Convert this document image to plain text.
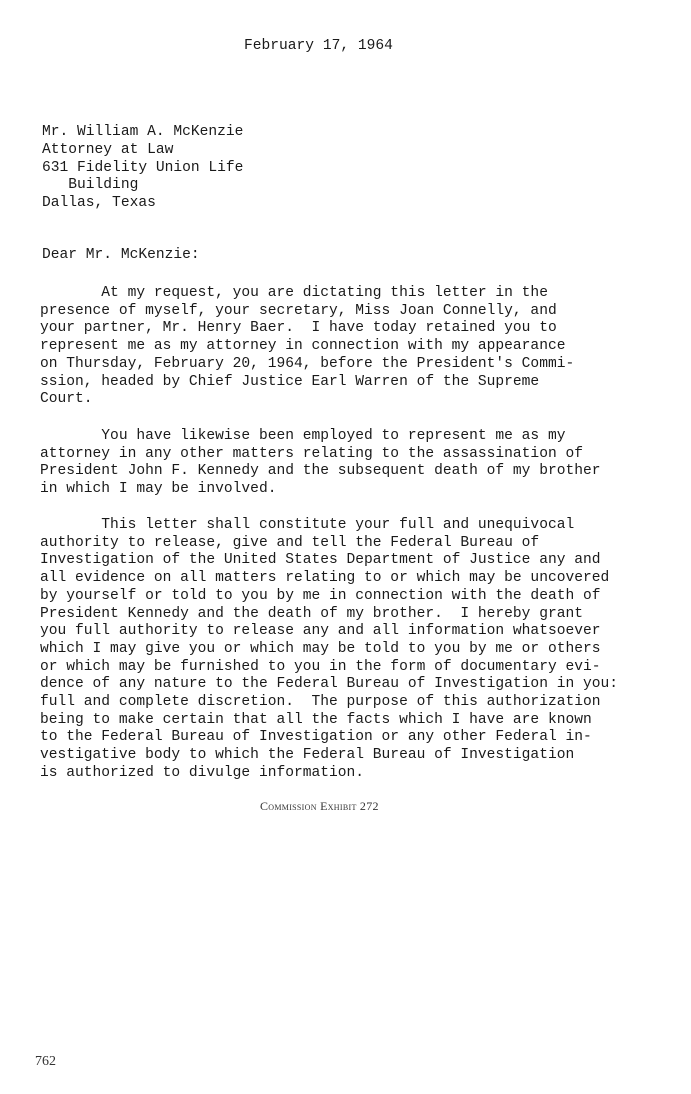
February 17, 1964
Mr. William A. McKenzie
Attorney at Law
631 Fidelity Union Life
Building
Dallas, Texas
Dear Mr. McKenzie:
At my request, you are dictating this letter in the
presence of myself, your secretary, Miss Joan Connelly, and
your partner, Mr. Henry Baer.  I have today retained you to
represent me as my attorney in connection with my appearance
on Thursday, February 20, 1964, before the President's Commi-
ssion, headed by Chief Justice Earl Warren of the Supreme
Court.
You have likewise been employed to represent me as my
attorney in any other matters relating to the assassination of
President John F. Kennedy and the subsequent death of my brother
in which I may be involved.
This letter shall constitute your full and unequivocal
authority to release, give and tell the Federal Bureau of
Investigation of the United States Department of Justice any and
all evidence on all matters relating to or which may be uncovered
by yourself or told to you by me in connection with the death of
President Kennedy and the death of my brother.  I hereby grant
you full authority to release any and all information whatsoever
which I may give you or which may be told to you by me or others
or which may be furnished to you in the form of documentary evi-
dence of any nature to the Federal Bureau of Investigation in you:
full and complete discretion.  The purpose of this authorization
being to make certain that all the facts which I have are known
to the Federal Bureau of Investigation or any other Federal in-
vestigative body to which the Federal Bureau of Investigation
is authorized to divulge information.
Commission Exhibit 272
762
